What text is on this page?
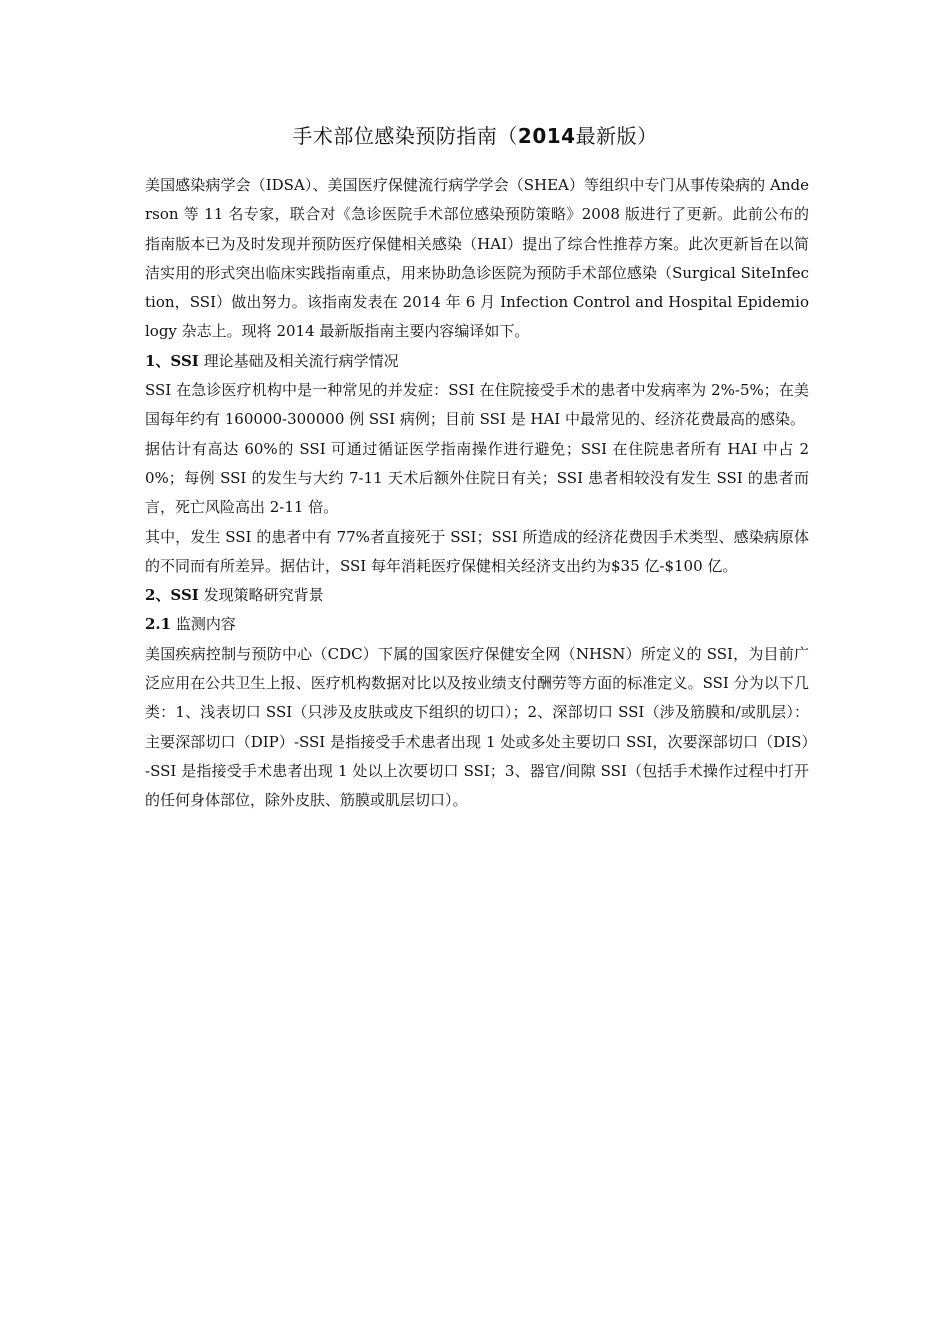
手术部位感染预防指南（2014最新版）

美国感染病学会（IDSA）、美国医疗保健流行病学学会（SHEA）等组织中专门从事传染病的 Anderson 等 11 名专家，联合对《急诊医院手术部位感染预防策略》2008 版进行了更新。此前公布的指南版本已为及时发现并预防医疗保健相关感染（HAI）提出了综合性推荐方案。此次更新旨在以简洁实用的形式突出临床实践指南重点，用来协助急诊医院为预防手术部位感染（Surgical SiteInfection，SSI）做出努力。该指南发表在 2014 年 6 月 Infection Control and Hospital Epidemiology 杂志上。现将 2014 最新版指南主要内容编译如下。

1、SSI 理论基础及相关流行病学情况

SSI 在急诊医疗机构中是一种常见的并发症：SSI 在住院接受手术的患者中发病率为 2%-5%；在美国每年约有 160000-300000 例 SSI 病例；目前 SSI 是 HAI 中最常见的、经济花费最高的感染。

据估计有高达 60%的 SSI 可通过循证医学指南操作进行避免；SSI 在住院患者所有 HAI 中占 20%；每例 SSI 的发生与大约 7-11 天术后额外住院日有关；SSI 患者相较没有发生 SSI 的患者而言，死亡风险高出 2-11 倍。

其中，发生 SSI 的患者中有 77%者直接死于 SSI；SSI 所造成的经济花费因手术类型、感染病原体的不同而有所差异。据估计，SSI 每年消耗医疗保健相关经济支出约为$35 亿-$100 亿。

2、SSI 发现策略研究背景

2.1 监测内容

美国疾病控制与预防中心（CDC）下属的国家医疗保健安全网（NHSN）所定义的 SSI，为目前广泛应用在公共卫生上报、医疗机构数据对比以及按业绩支付酬劳等方面的标准定义。SSI 分为以下几类：1、浅表切口 SSI（只涉及皮肤或皮下组织的切口）；2、深部切口 SSI（涉及筋膜和/或肌层）：主要深部切口（DIP）-SSI 是指接受手术患者出现 1 处或多处主要切口 SSI，次要深部切口（DIS）-SSI 是指接受手术患者出现 1 处以上次要切口 SSI；3、器官/间隙 SSI（包括手术操作过程中打开的任何身体部位，除外皮肤、筋膜或肌层切口）。
